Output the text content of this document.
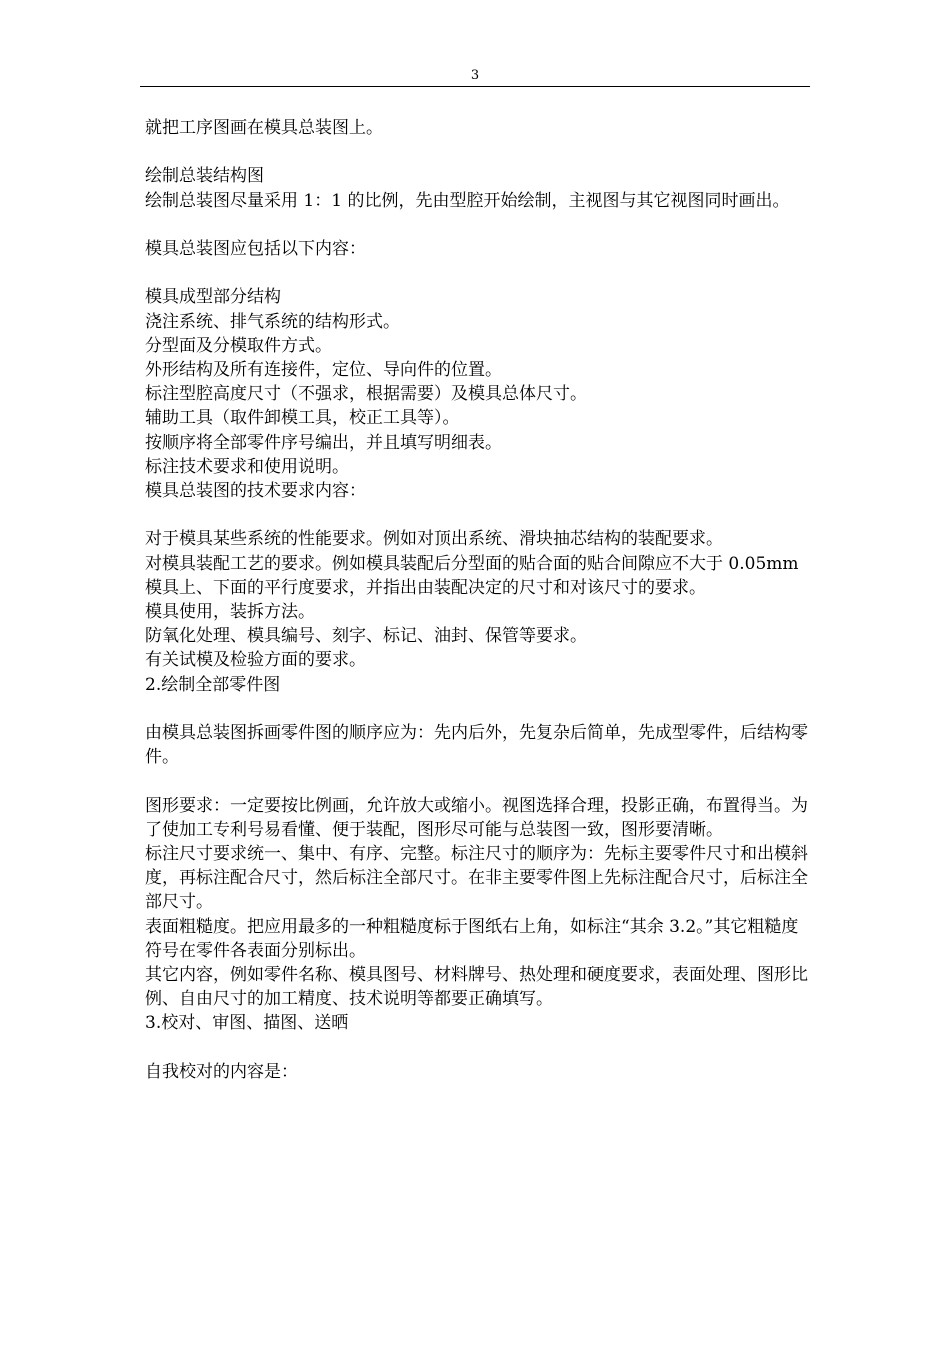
3

就把工序图画在模具总装图上。

绘制总装结构图

绘制总装图尽量采用 1：1 的比例，先由型腔开始绘制，主视图与其它视图同时画出。

模具总装图应包括以下内容：

模具成型部分结构

浇注系统、排气系统的结构形式。

分型面及分模取件方式。

外形结构及所有连接件，定位、导向件的位置。

标注型腔高度尺寸（不强求，根据需要）及模具总体尺寸。

辅助工具（取件卸模工具，校正工具等）。

按顺序将全部零件序号编出，并且填写明细表。

标注技术要求和使用说明。

模具总装图的技术要求内容：

对于模具某些系统的性能要求。例如对顶出系统、滑块抽芯结构的装配要求。

对模具装配工艺的要求。例如模具装配后分型面的贴合面的贴合间隙应不大于 0.05mm 模具上、下面的平行度要求，并指出由装配决定的尺寸和对该尺寸的要求。

模具使用，装拆方法。

防氧化处理、模具编号、刻字、标记、油封、保管等要求。

有关试模及检验方面的要求。

2.绘制全部零件图

由模具总装图拆画零件图的顺序应为：先内后外，先复杂后简单，先成型零件，后结构零件。

图形要求：一定要按比例画，允许放大或缩小。视图选择合理，投影正确，布置得当。为了使加工专利号易看懂、便于装配，图形尽可能与总装图一致，图形要清晰。

标注尺寸要求统一、集中、有序、完整。标注尺寸的顺序为：先标主要零件尺寸和出模斜度，再标注配合尺寸，然后标注全部尺寸。在非主要零件图上先标注配合尺寸，后标注全部尺寸。

表面粗糙度。把应用最多的一种粗糙度标于图纸右上角，如标注“其余 3.2。”其它粗糙度符号在零件各表面分别标出。

其它内容，例如零件名称、模具图号、材料牌号、热处理和硬度要求，表面处理、图形比例、自由尺寸的加工精度、技术说明等都要正确填写。

3.校对、审图、描图、送晒

自我校对的内容是：
